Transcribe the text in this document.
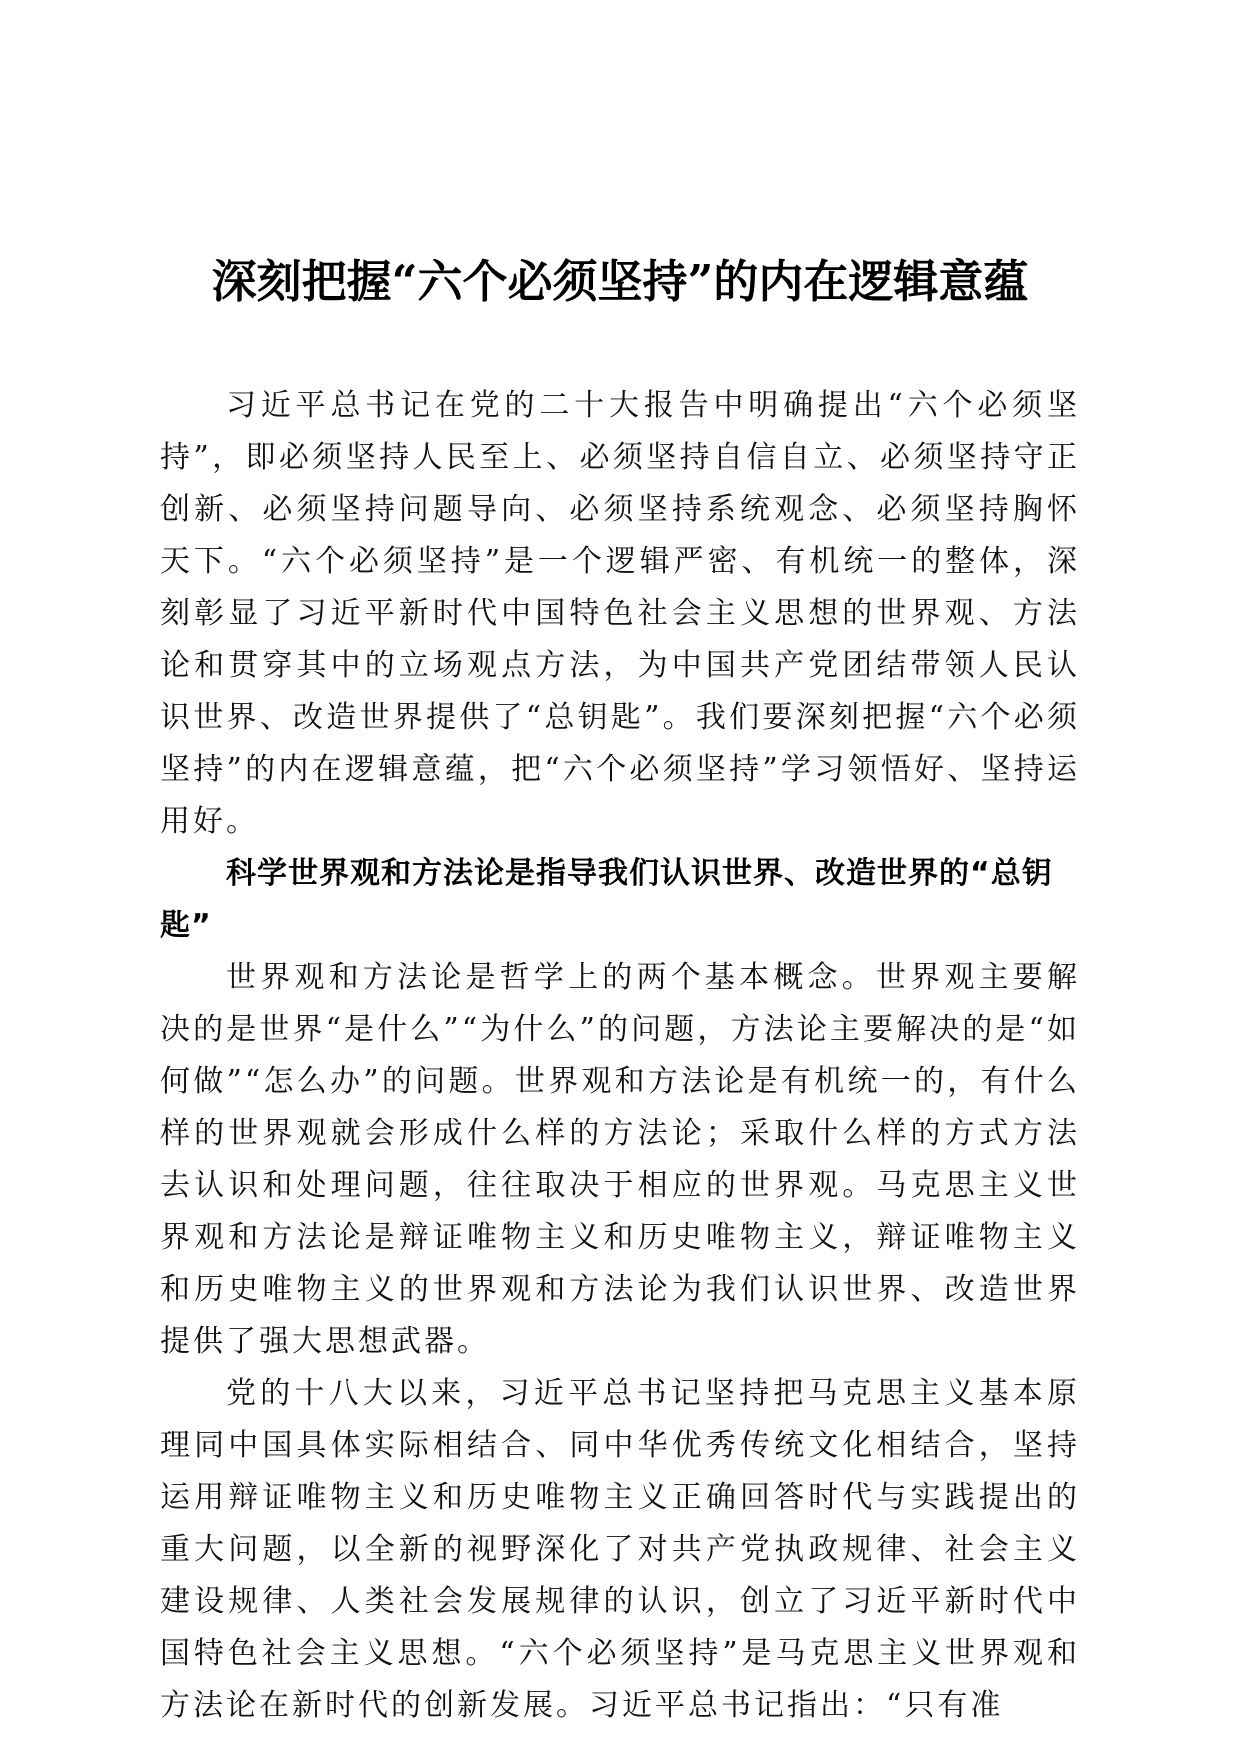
深刻把握“六个必须坚持”的内在逻辑意蕴

习近平总书记在党的二十大报告中明确提出“六个必须坚持”，即必须坚持人民至上、必须坚持自信自立、必须坚持守正创新、必须坚持问题导向、必须坚持系统观念、必须坚持胸怀天下。“六个必须坚持”是一个逻辑严密、有机统一的整体，深刻彰显了习近平新时代中国特色社会主义思想的世界观、方法论和贯穿其中的立场观点方法，为中国共产党团结带领人民认识世界、改造世界提供了“总钥匙”。我们要深刻把握“六个必须坚持”的内在逻辑意蕴，把“六个必须坚持”学习领悟好、坚持运用好。

科学世界观和方法论是指导我们认识世界、改造世界的“总钥匙”

世界观和方法论是哲学上的两个基本概念。世界观主要解决的是世界“是什么”“为什么”的问题，方法论主要解决的是“如何做”“怎么办”的问题。世界观和方法论是有机统一的，有什么样的世界观就会形成什么样的方法论；采取什么样的方式方法去认识和处理问题，往往取决于相应的世界观。马克思主义世界观和方法论是辩证唯物主义和历史唯物主义，辩证唯物主义和历史唯物主义的世界观和方法论为我们认识世界、改造世界提供了强大思想武器。

党的十八大以来，习近平总书记坚持把马克思主义基本原理同中国具体实际相结合、同中华优秀传统文化相结合，坚持运用辩证唯物主义和历史唯物主义正确回答时代与实践提出的重大问题，以全新的视野深化了对共产党执政规律、社会主义建设规律、人类社会发展规律的认识，创立了习近平新时代中国特色社会主义思想。“六个必须坚持”是马克思主义世界观和方法论在新时代的创新发展。习近平总书记指出：“只有准
